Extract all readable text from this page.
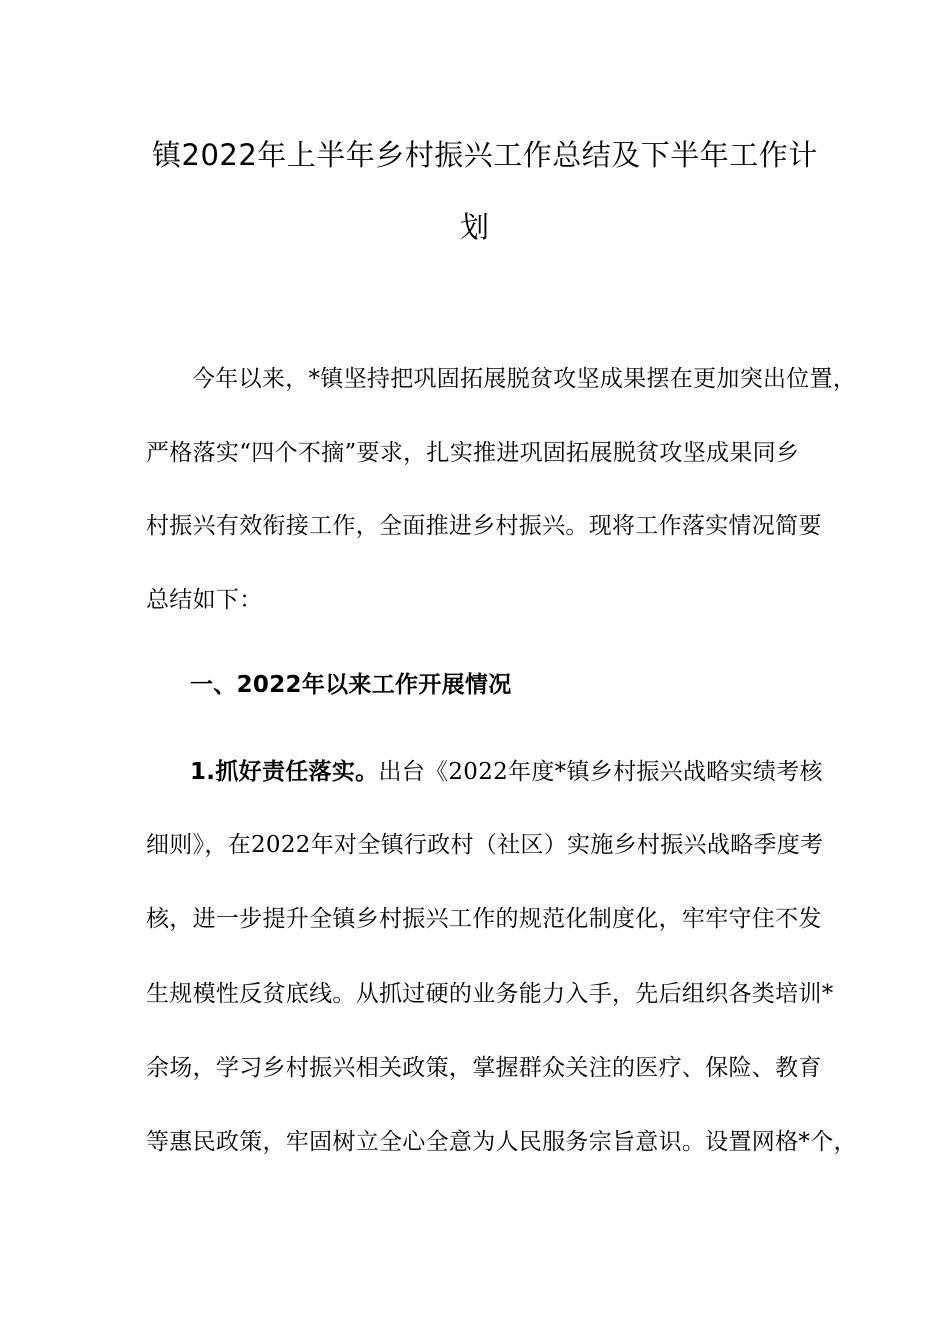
镇2022年上半年乡村振兴工作总结及下半年工作计
划
今年以来，*镇坚持把巩固拓展脱贫攻坚成果摆在更加突出位置，
严格落实“四个不摘”要求，扎实推进巩固拓展脱贫攻坚成果同乡
村振兴有效衔接工作，全面推进乡村振兴。现将工作落实情况简要
总结如下：
一、2022年以来工作开展情况
1.抓好责任落实。出台《2022年度*镇乡村振兴战略实绩考核
细则》，在2022年对全镇行政村（社区）实施乡村振兴战略季度考
核，进一步提升全镇乡村振兴工作的规范化制度化，牢牢守住不发
生规模性反贫底线。从抓过硬的业务能力入手，先后组织各类培训*
余场，学习乡村振兴相关政策，掌握群众关注的医疗、保险、教育
等惠民政策，牢固树立全心全意为人民服务宗旨意识。设置网格*个，
